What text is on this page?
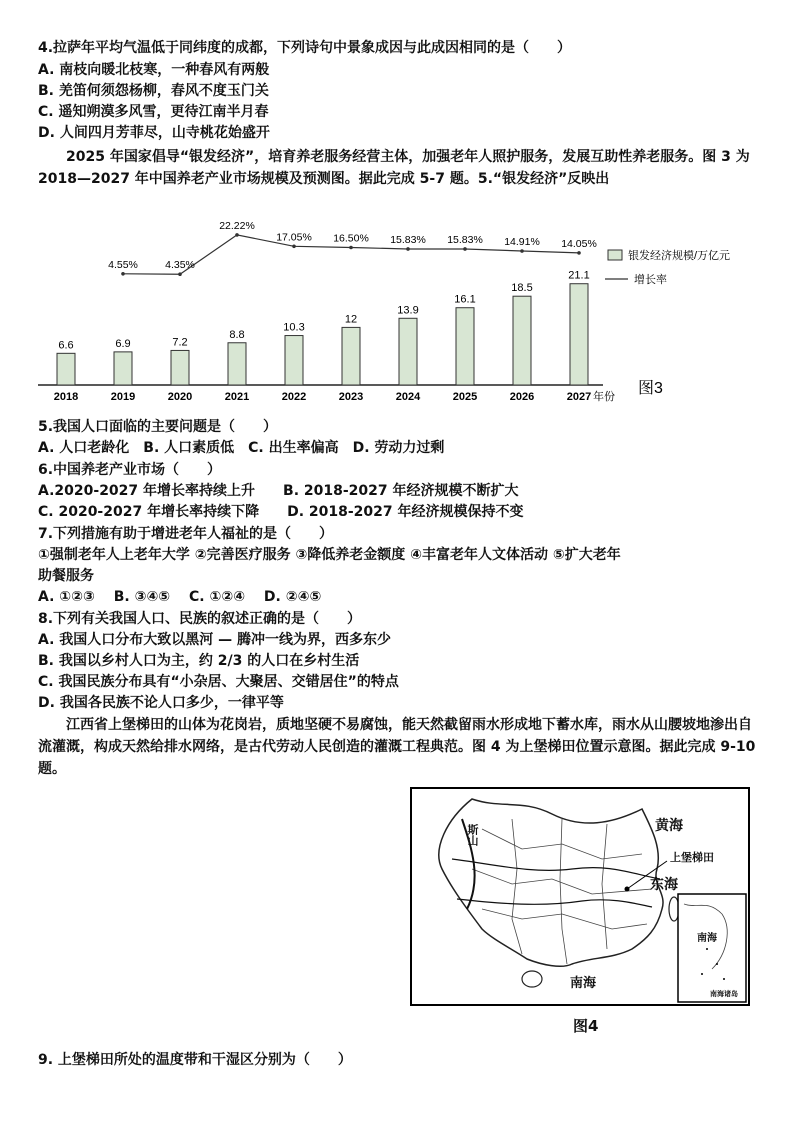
4.拉萨年平均气温低于同纬度的成都，下列诗句中景象成因与此成因相同的是（　　）
A. 南枝向暖北枝寒，一种春风有两般
B. 羌笛何须怨杨柳，春风不度玉门关
C. 遥知朔漠多风雪，更待江南半月春
D. 人间四月芳菲尽，山寺桃花始盛开
　　2025 年国家倡导“银发经济”，培育养老服务经营主体，加强老年人照护服务，发展互助性养老服务。图 3 为 2018—2027 年中国养老产业市场规模及预测图。据此完成 5-7 题。5.“银发经济”反映出
6.6
2018
6.9
2019
7.2
2020
8.8
2021
10.3
2022
12
2023
13.9
2024
16.1
2025
18.5
2026
21.1
2027
4.55%	4.35%
22.22%
17.05% 16.50% 15.83% 15.83% 14.91% 14.05%
年份
银发经济规模/万亿元
增长率
图3
5.我国人口面临的主要问题是（　　）
A. 人口老龄化　B. 人口素质低　C. 出生率偏高　D. 劳动力过剩
6.中国养老产业市场（　　）
A.2020-2027 年增长率持续上升　　B. 2018-2027 年经济规模不断扩大
C. 2020-2027 年增长率持续下降　　D. 2018-2027 年经济规模保持不变
7.下列措施有助于增进老年人福祉的是（　　）
①强制老年人上老年大学 ②完善医疗服务 ③降低养老金额度 ④丰富老年人文体活动 ⑤扩大老年
助餐服务
A. ①②③　 B. ③④⑤　 C. ①②④　 D. ②④⑤
8.下列有关我国人口、民族的叙述正确的是（　　）
A. 我国人口分布大致以黑河 — 腾冲一线为界，西多东少
B. 我国以乡村人口为主，约 2/3 的人口在乡村生活
C. 我国民族分布具有“小杂居、大聚居、交错居住”的特点
D. 我国各民族不论人口多少，一律平等
　　江西省上堡梯田的山体为花岗岩，质地坚硬不易腐蚀，能天然截留雨水形成地下蓄水库，雨水从山腰坡地渗出自流灌溉，构成天然给排水网络，是古代劳动人民创造的灌溉工程典范。图 4 为上堡梯田位置示意图。据此完成 9-10 题。
黄海
东海
南海
上堡梯田
斯山
南海
南海诸岛
图4
9. 上堡梯田所处的温度带和干湿区分别为（　　）
